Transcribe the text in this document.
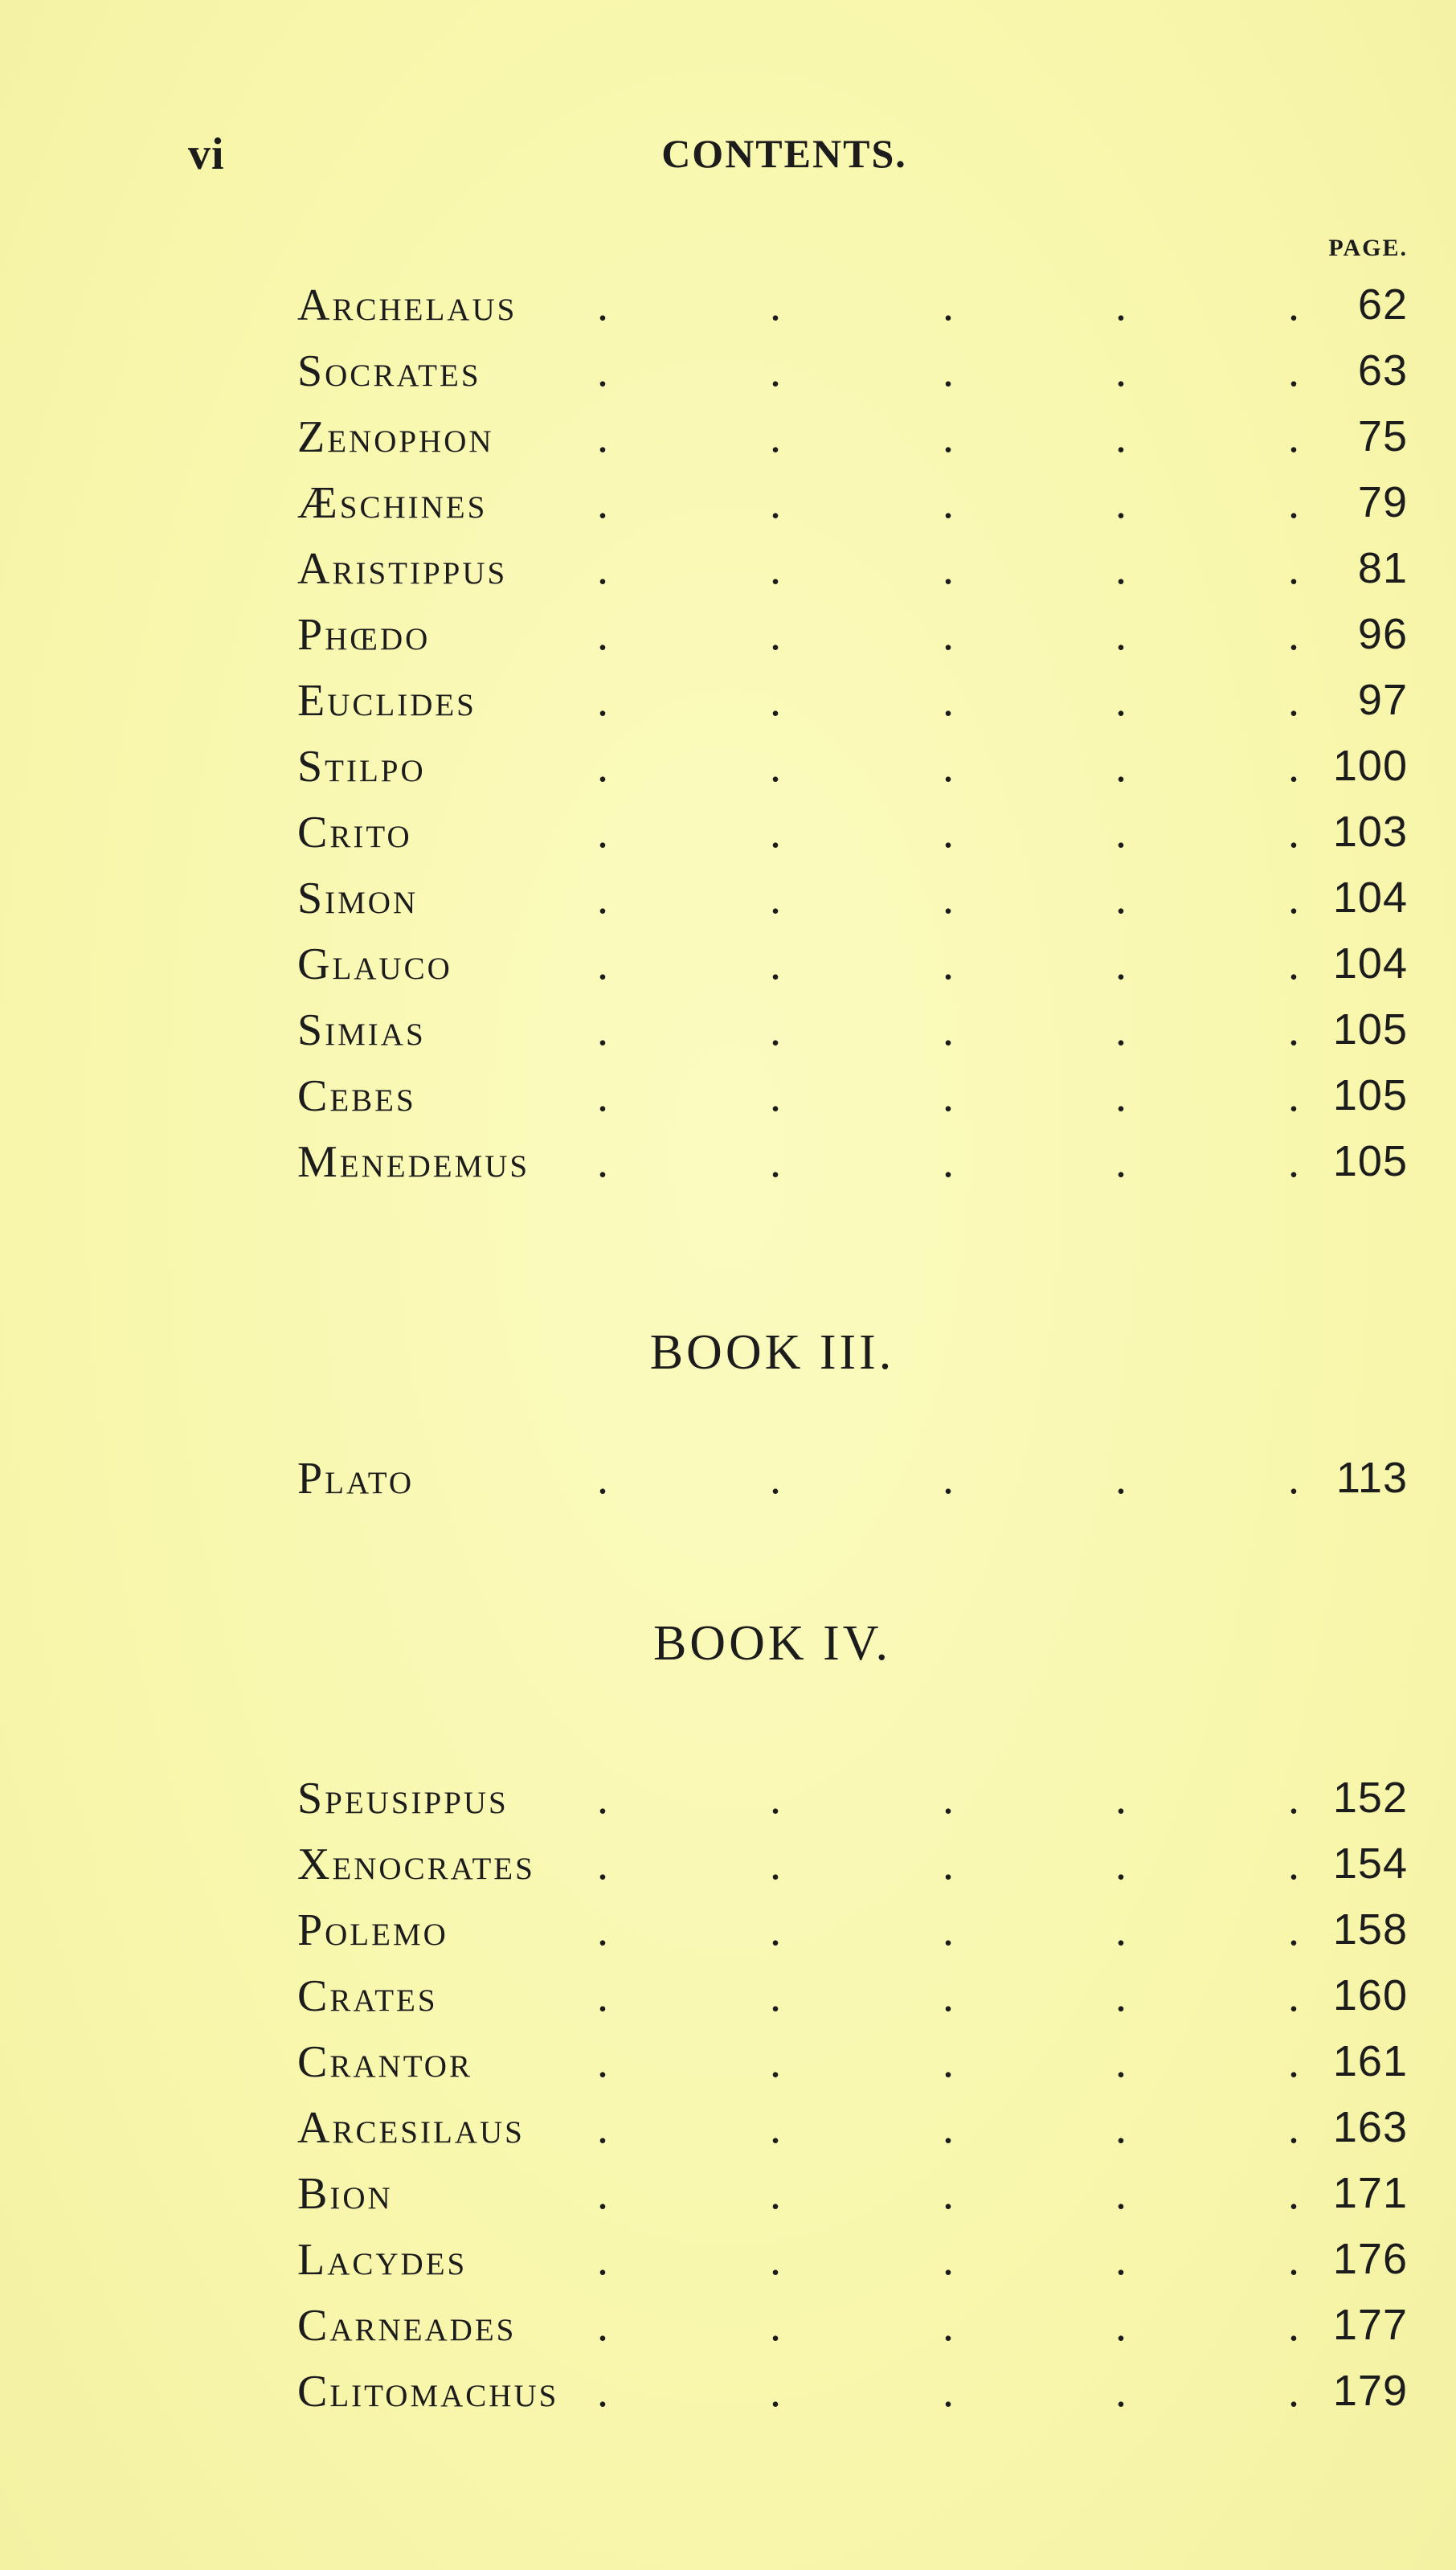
vi	CONTENTS.
PAGE.
Archelaus .	.	.	.	. 62
Socrates	.	.	.	.	. 63
Zenophon .	.	.	.	. 75
Æschines .	.	.	.	. 79
Aristippus .	.	.	.	. 81
Phœdo	.	.	.	.	. 96
Euclides	.	.	.	.	. 97
Stilpo	.	.	.	.	. 100
Crito	.	.	.	.	. 103
Simon	.	.	.	.	. 104
Glauco	.	.	.	.	. 104
Simias	.	.	.	.	. 105
Cebes	.	.	.	.	. 105
Menedemus .	.	.	.	. 105
BOOK III.
Plato	.	.	.	.	. 113
BOOK IV.
Speusippus .	.	.	.	. 152
Xenocrates .	.	.	.	. 154
Polemo	.	.	.	.	. 158
Crates	.	.	.	.	. 160
Crantor	.	.	.	.	. 161
Arcesilaus .	.	.	.	. 163
Bion	.	.	.	.	. 171
Lacydes	.	.	.	.	. 176
Carneades .	.	.	.	. 177
Clitomachus .	.	.	.	. 179
